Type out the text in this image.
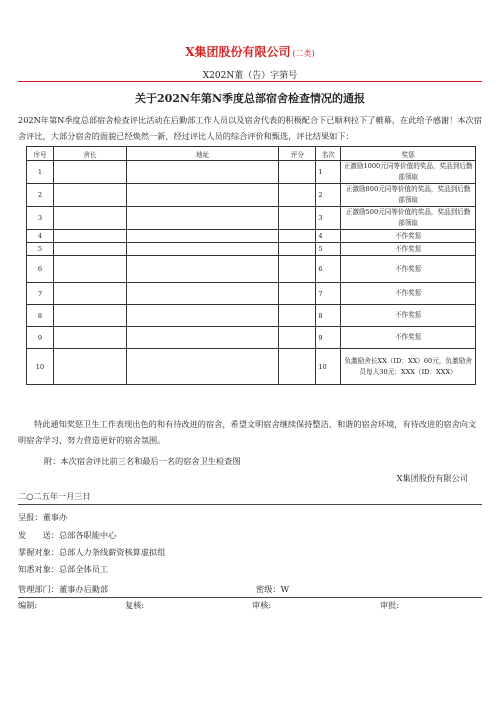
X集团股份有限公司 (二类)
X202N董（告）字第号
关于202N年第N季度总部宿舍检查情况的通报
202N年第N季度总部宿舍检查评比活动在后勤部工作人员以及宿舍代表的积极配合下已顺利拉下了帷幕，在此给予感谢！本次宿舍评比，大部分宿舍的面貌已经焕然一新，经过评比人员的综合评价和甄选，评比结果如下：
序号	舍长	地址	评分	名次	奖惩
1				1	正激励1000元同等价值的奖品，奖品到后勤部领取
2				2	正激励800元同等价值的奖品，奖品到后勤部领取
3				3	正激励500元同等价值的奖品，奖品到后勤部领取
4				4	不作奖惩
5				5	不作奖惩
6				6	不作奖惩
7				7	不作奖惩
8				8	不作奖惩
9				9	不作奖惩
10				10	负激励舍长XX（ID：XX）60元，负激励舍员每人30元：XXX（ID：XXX）
特此通知奖惩卫生工作表现出色的和有待改进的宿舍，希望文明宿舍继续保持整洁、和谐的宿舍环境，有待改进的宿舍向文明宿舍学习，努力营造更好的宿舍氛围。
附：本次宿舍评比前三名和最后一名的宿舍卫生检查图
X集团股份有限公司
二○二五年一月三日
呈报：董事办
发　　送：总部各职能中心
掌握对象：总部人力条线薪资核算虚拟组
知悉对象：总部全体员工
管理部门：董事办后勤部	密级：W
编制:	复核:	审核:	审批:
